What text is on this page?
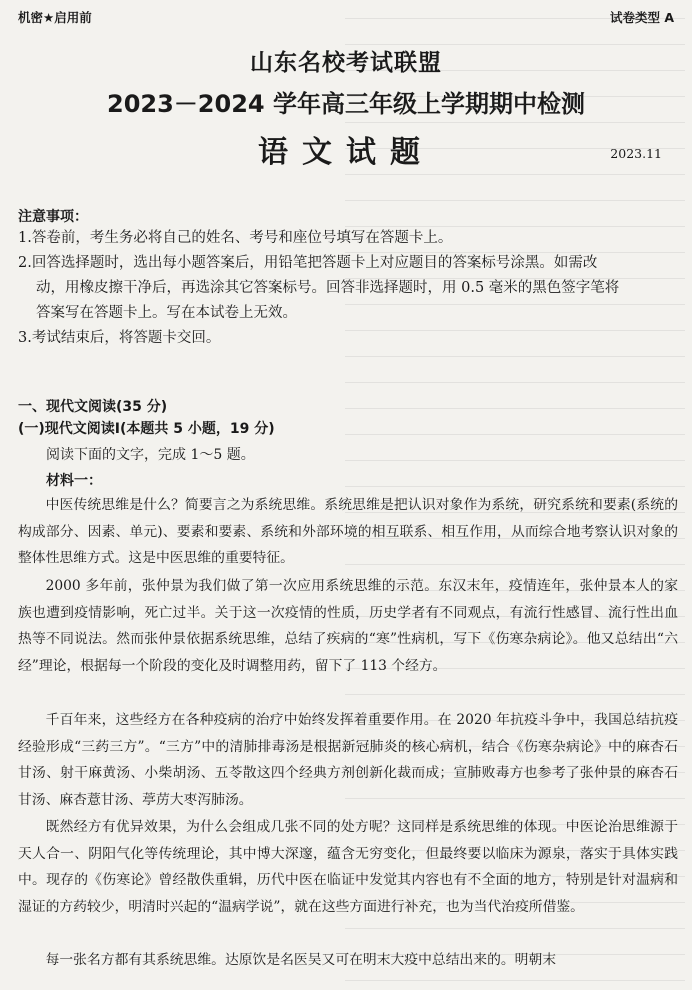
机密★启用前	试卷类型 A
山东名校考试联盟
2023－2024 学年高三年级上学期期中检测
语文试题	2023.11
注意事项：
1.答卷前，考生务必将自己的姓名、考号和座位号填写在答题卡上。
2.回答选择题时，选出每小题答案后，用铅笔把答题卡上对应题目的答案标号涂黑。如需改
动，用橡皮擦干净后，再选涂其它答案标号。回答非选择题时，用 0.5 毫米的黑色签字笔将
答案写在答题卡上。写在本试卷上无效。
3.考试结束后，将答题卡交回。
一、现代文阅读(35 分)
(一)现代文阅读Ⅰ(本题共 5 小题，19 分)
阅读下面的文字，完成 1～5 题。
材料一：
中医传统思维是什么？简要言之为系统思维。系统思维是把认识对象作为系统，研究系统和要素(系统的构成部分、因素、单元)、要素和要素、系统和外部环境的相互联系、相互作用，从而综合地考察认识对象的整体性思维方式。这是中医思维的重要特征。
2000 多年前，张仲景为我们做了第一次应用系统思维的示范。东汉末年，疫情连年，张仲景本人的家族也遭到疫情影响，死亡过半。关于这一次疫情的性质，历史学者有不同观点，有流行性感冒、流行性出血热等不同说法。然而张仲景依据系统思维，总结了疾病的“寒”性病机，写下《伤寒杂病论》。他又总结出“六经”理论，根据每一个阶段的变化及时调整用药，留下了 113 个经方。
千百年来，这些经方在各种疫病的治疗中始终发挥着重要作用。在 2020 年抗疫斗争中，我国总结抗疫经验形成“三药三方”。“三方”中的清肺排毒汤是根据新冠肺炎的核心病机，结合《伤寒杂病论》中的麻杏石甘汤、射干麻黄汤、小柴胡汤、五苓散这四个经典方剂创新化裁而成；宣肺败毒方也参考了张仲景的麻杏石甘汤、麻杏薏甘汤、葶苈大枣泻肺汤。
既然经方有优异效果，为什么会组成几张不同的处方呢？这同样是系统思维的体现。中医论治思维源于天人合一、阴阳气化等传统理论，其中博大深邃，蕴含无穷变化，但最终要以临床为源泉，落实于具体实践中。现存的《伤寒论》曾经散佚重辑，历代中医在临证中发觉其内容也有不全面的地方，特别是针对温病和湿证的方药较少，明清时兴起的“温病学说”，就在这些方面进行补充，也为当代治疫所借鉴。
每一张名方都有其系统思维。达原饮是名医吴又可在明末大疫中总结出来的。明朝末
